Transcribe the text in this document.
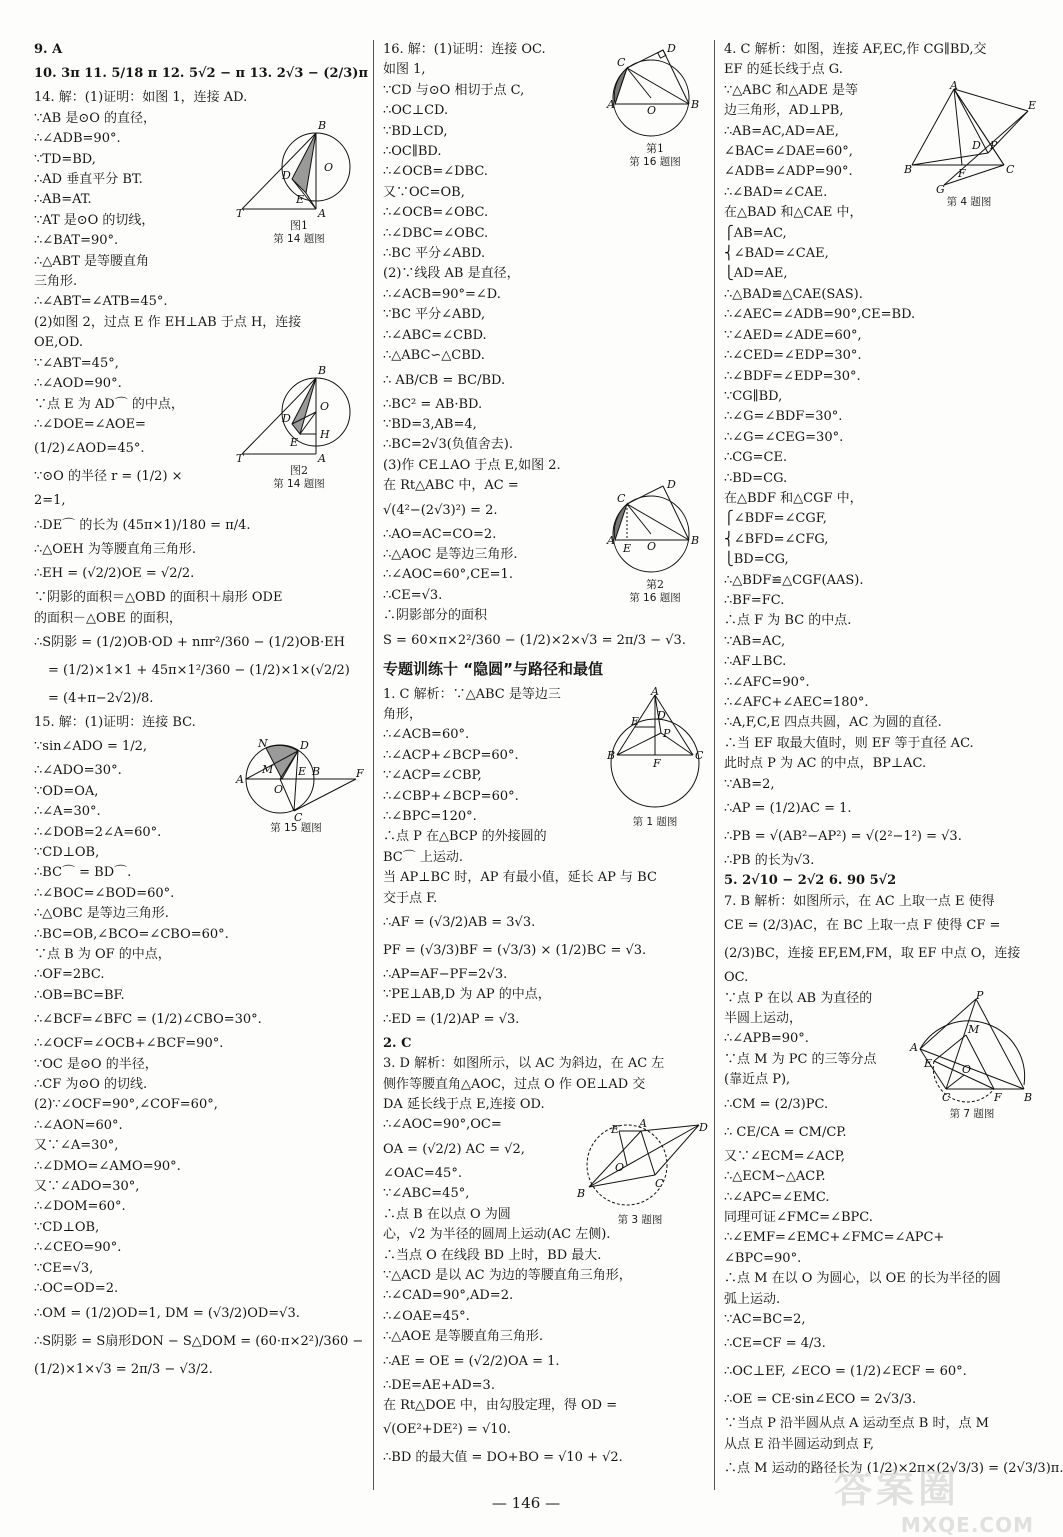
9. A
10. 3π 11. 5/18 π 12. 5√2 − π 13. 2√3 − (2/3)π
14. 解：(1)证明：如图 1，连接 AD.
B
D
O
E
T	A
图1
第 14 题图
∵AB 是⊙O 的直径，
∴∠ADB=90°.
∵TD=BD,
∴AD 垂直平分 BT.
∴AB=AT.
∵AT 是⊙O 的切线，
∴∠BAT=90°.
∴△ABT 是等腰直角
三角形.
∴∠ABT=∠ATB=45°.
(2)如图 2，过点 E 作 EH⊥AB 于点 H，连接
OE,OD.
B
D
O
E
H
T	A
图2
第 14 题图
∵∠ABT=45°,
∴∠AOD=90°.
∵点 E 为 AD⌒ 的中点，
∴∠DOE=∠AOE=
(1/2)∠AOD=45°.
∵⊙O 的半径 r = (1/2) ×
2=1,
∴DE⌒ 的长为 (45π×1)/180 = π/4.
∴△OEH 为等腰直角三角形.
∴EH = (√2/2)OE = √2/2.
∵阴影的面积＝△OBD 的面积＋扇形 ODE
的面积－△OBE 的面积，
∴S阴影 = (1/2)OB·OD + nπr²/360 − (1/2)OB·EH
= (1/2)×1×1 + 45π×1²/360 − (1/2)×1×(√2/2)
= (4+π−2√2)/8.
15. 解：(1)证明：连接 BC.
N	D
A
M
O
E B	F
C
第 15 题图
∵sin∠ADO = 1/2,
∴∠ADO=30°.
∵OD=OA,
∴∠A=30°.
∴∠DOB=2∠A=60°.
∵CD⊥OB,
∴BC⌒ = BD⌒.
∴∠BOC=∠BOD=60°.
∴△OBC 是等边三角形.
∴BC=OB,∠BCO=∠CBO=60°.
∵点 B 为 OF 的中点，
∴OF=2BC.
∴OB=BC=BF.
∴∠BCF=∠BFC = (1/2)∠CBO=30°.
∴∠OCF=∠OCB+∠BCF=90°.
∵OC 是⊙O 的半径，
∴CF 为⊙O 的切线.
(2)∵∠OCF=90°,∠COF=60°,
∴∠AON=60°.
又∵∠A=30°,
∴∠DMO=∠AMO=90°.
又∵∠ADO=30°,
∴∠DOM=60°.
∵CD⊥OB,
∴∠CEO=90°.
∵CE=√3,
∴OC=OD=2.
∴OM = (1/2)OD=1, DM = (√3/2)OD=√3.
∴S阴影 = S扇形DON − S△DOM = (60·π×2²)/360 −
(1/2)×1×√3 = 2π/3 − √3/2.
C
D
A	O	B
第1
第 16 题图
16. 解：(1)证明：连接 OC.
如图 1,
∵CD 与⊙O 相切于点 C,
∴OC⊥CD.
∵BD⊥CD,
∴OC∥BD.
∴∠OCB=∠DBC.
又∵OC=OB,
∴∠OCB=∠OBC.
∴∠DBC=∠OBC.
∴BC 平分∠ABD.
(2)∵线段 AB 是直径，
∴∠ACB=90°=∠D.
∵BC 平分∠ABD,
∴∠ABC=∠CBD.
∴△ABC∽△CBD.
∴ AB/CB = BC/BD.
∴BC² = AB·BD.
∵BD=3,AB=4,
∴BC=2√3(负值舍去).
(3)作 CE⊥AO 于点 E,如图 2.
C
D
A
E O	B
第2
第 16 题图
在 Rt△ABC 中，AC =
√(4²−(2√3)²) = 2.
∴AO=AC=CO=2.
∴△AOC 是等边三角形.
∴∠AOC=60°,CE=1.
∴CE=√3.
∴阴影部分的面积
S = 60×π×2²/360 − (1/2)×2×√3 = 2π/3 − √3.
专题训练十 “隐圆”与路径和最值
A
E D
P
B
F
C
第 1 题图
1. C 解析：∵△ABC 是等边三
角形，
∴∠ACB=60°.
∴∠ACP+∠BCP=60°.
∵∠ACP=∠CBP,
∴∠CBP+∠BCP=60°.
∴∠BPC=120°.
∴点 P 在△BCP 的外接圆的
BC⌒ 上运动.
当 AP⊥BC 时，AP 有最小值，延长 AP 与 BC
交于点 F.
∴AF = (√3/2)AB = 3√3.
PF = (√3/3)BF = (√3/3) × (1/2)BC = √3.
∴AP=AF−PF=2√3.
∵PE⊥AB,D 为 AP 的中点，
∴ED = (1/2)AP = √3.
2. C
3. D 解析：如图所示，以 AC 为斜边，在 AC 左
侧作等腰直角△AOC，过点 O 作 OE⊥AD 交
DA 延长线于点 E,连接 OD.
E A	D
O
B
C
第 3 题图
∴∠AOC=90°,OC=
OA = (√2/2) AC = √2,
∠OAC=45°.
∵∠ABC=45°,
∴点 B 在以点 O 为圆
心，√2 为半径的圆周上运动(AC 左侧).
∴当点 O 在线段 BD 上时，BD 最大.
∵△ACD 是以 AC 为边的等腰直角三角形，
∴∠CAD=90°,AD=2.
∴∠OAE=45°.
∴△AOE 是等腰直角三角形.
∴AE = OE = (√2/2)OA = 1.
∴DE=AE+AD=3.
在 Rt△DOE 中，由勾股定理，得 OD =
√(OE²+DE²) = √10.
∴BD 的最大值 = DO+BO = √10 + √2.
4. C 解析：如图，连接 AF,EC,作 CG∥BD,交
EF 的延长线于点 G.
A
E
P
D
B	C
F
G
第 4 题图
∵△ABC 和△ADE 是等
边三角形，AD⊥PB,
∴AB=AC,AD=AE,
∠BAC=∠DAE=60°,
∠ADB=∠ADP=90°.
∴∠BAD=∠CAE.
在△BAD 和△CAE 中，
⎧AB=AC,
⎨∠BAD=∠CAE,
⎩AD=AE,
∴△BAD≌△CAE(SAS).
∴∠AEC=∠ADB=90°,CE=BD.
∵∠AED=∠ADE=60°,
∴∠CED=∠EDP=30°.
∴∠BDF=∠EDP=30°.
∵CG∥BD,
∴∠G=∠BDF=30°.
∴∠G=∠CEG=30°.
∴CG=CE.
∴BD=CG.
在△BDF 和△CGF 中，
⎧∠BDF=∠CGF,
⎨∠BFD=∠CFG,
⎩BD=CG,
∴△BDF≌△CGF(AAS).
∴BF=FC.
∴点 F 为 BC 的中点.
∵AB=AC,
∴AF⊥BC.
∴∠AFC=90°.
∴∠AFC+∠AEC=180°.
∴A,F,C,E 四点共圆，AC 为圆的直径.
∴当 EF 取最大值时，则 EF 等于直径 AC.
此时点 P 为 AC 的中点，BP⊥AC.
∵AB=2,
∴AP = (1/2)AC = 1.
∴PB = √(AB²−AP²) = √(2²−1²) = √3.
∴PB 的长为√3.
5. 2√10 − 2√2 6. 90 5√2
7. B 解析：如图所示，在 AC 上取一点 E 使得
CE = (2/3)AC，在 BC 上取一点 F 使得 CF =
(2/3)BC，连接 EF,EM,FM，取 EF 中点 O，连接
OC.
P
A
M
E	O
C	F B
第 7 题图
∵点 P 在以 AB 为直径的
半圆上运动，
∴∠APB=90°.
∵点 M 为 PC 的三等分点
(靠近点 P),
∴CM = (2/3)PC.
∴ CE/CA = CM/CP.
又∵∠ECM=∠ACP,
∴△ECM∽△ACP.
∴∠APC=∠EMC.
同理可证∠FMC=∠BPC.
∴∠EMF=∠EMC+∠FMC=∠APC+
∠BPC=90°.
∴点 M 在以 O 为圆心，以 OE 的长为半径的圆
弧上运动.
∵AC=BC=2,
∴CE=CF = 4/3.
∴OC⊥EF, ∠ECO = (1/2)∠ECF = 60°.
∴OE = CE·sin∠ECO = 2√3/3.
∵当点 P 沿半圆从点 A 运动至点 B 时，点 M
从点 E 沿半圆运动到点 F,
∴点 M 运动的路径长为 (1/2)×2π×(2√3/3) = (2√3/3)π.
— 146 —	答案圈
MXQE.COM
